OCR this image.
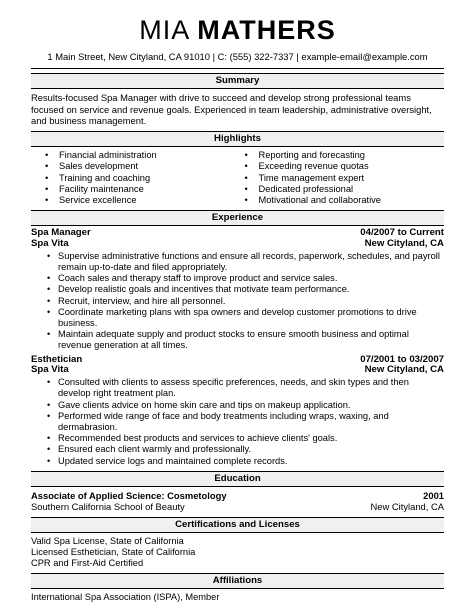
MIA MATHERS
1 Main Street, New Cityland, CA 91010 | C: (555) 322-7337 | example-email@example.com
Summary

Results-focused Spa Manager with drive to succeed and develop strong professional teams focused on service and revenue goals. Experienced in team leadership, administrative oversight, and business management.

Highlights
• Financial administration
• Sales development
• Training and coaching
• Facility maintenance
• Service excellence
• Reporting and forecasting
• Exceeding revenue quotas
• Time management expert
• Dedicated professional
• Motivational and collaborative
Experience
Spa Manager	04/2007 to Current
Spa Vita	New Cityland, CA
• Supervise administrative functions and ensure all records, paperwork, schedules, and payroll remain up-to-date and filed appropriately.
• Coach sales and therapy staff to improve product and service sales.
• Develop realistic goals and incentives that motivate team performance.
• Recruit, interview, and hire all personnel.
• Coordinate marketing plans with spa owners and develop customer promotions to drive business.
• Maintain adequate supply and product stocks to ensure smooth business and optimal revenue generation at all times.
Esthetician	07/2001 to 03/2007
Spa Vita	New Cityland, CA
• Consulted with clients to assess specific preferences, needs, and skin types and then develop right treatment plan.
• Gave clients advice on home skin care and tips on makeup application.
• Performed wide range of face and body treatments including wraps, waxing, and dermabrasion.
• Recommended best products and services to achieve clients' goals.
• Ensured each client warmly and professionally.
• Updated service logs and maintained complete records.
Education
Associate of Applied Science: Cosmetology	2001
Southern California School of Beauty	New Cityland, CA
Certifications and Licenses
Valid Spa License, State of California
Licensed Esthetician, State of California
CPR and First-Aid Certified
Affiliations
International Spa Association (ISPA), Member
